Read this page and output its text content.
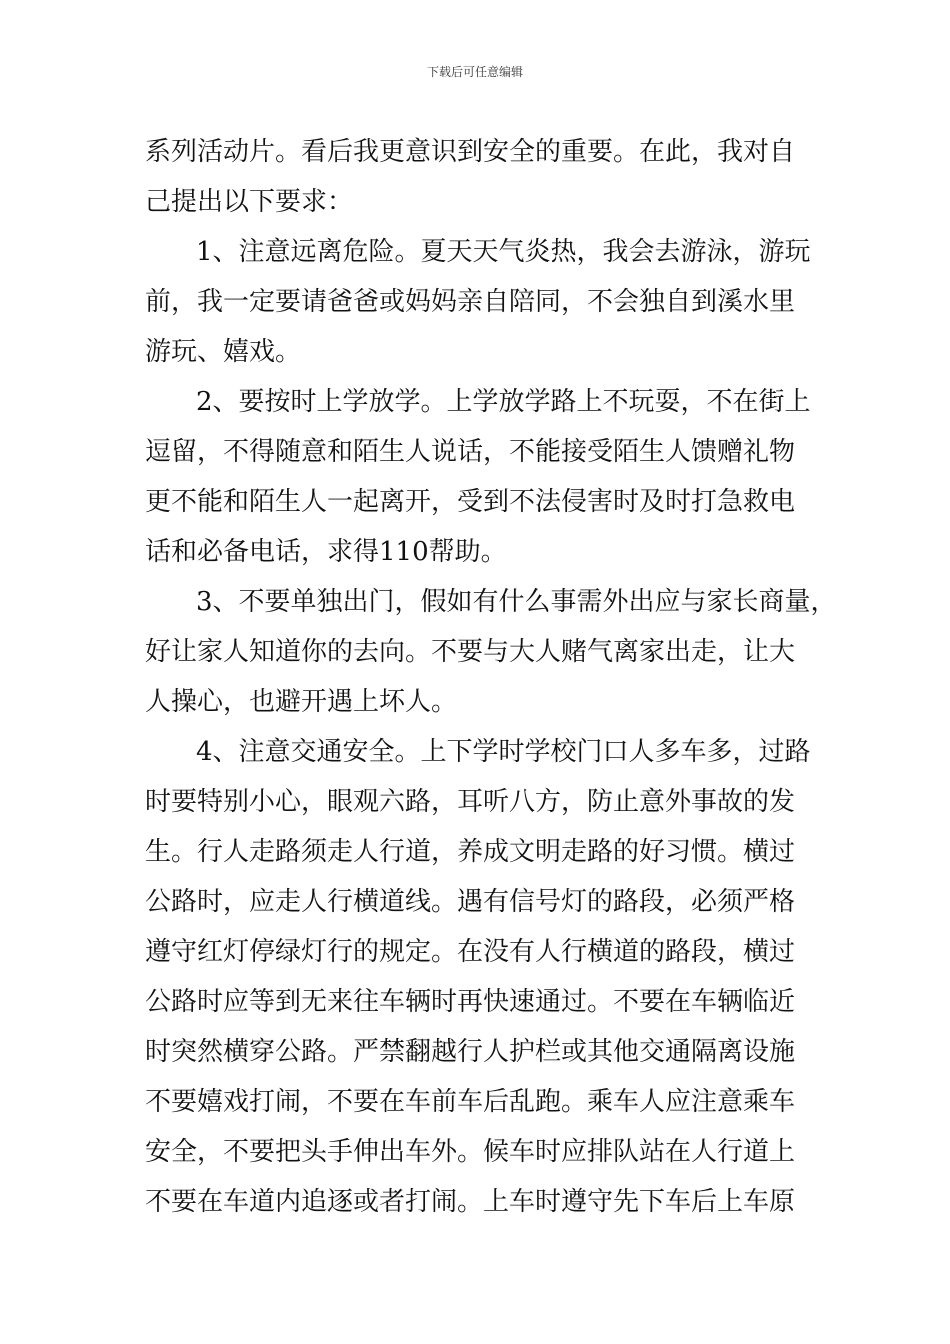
下载后可任意编辑
系列活动片。看后我更意识到安全的重要。在此，我对自
己提出以下要求：
1、注意远离危险。夏天天气炎热，我会去游泳，游玩
前，我一定要请爸爸或妈妈亲自陪同，不会独自到溪水里
游玩、嬉戏。
2、要按时上学放学。上学放学路上不玩耍，不在街上
逗留，不得随意和陌生人说话，不能接受陌生人馈赠礼物
更不能和陌生人一起离开，受到不法侵害时及时打急救电
话和必备电话，求得110帮助。
3、不要单独出门，假如有什么事需外出应与家长商量，
好让家人知道你的去向。不要与大人赌气离家出走，让大
人操心，也避开遇上坏人。
4、注意交通安全。上下学时学校门口人多车多，过路
时要特别小心，眼观六路，耳听八方，防止意外事故的发
生。行人走路须走人行道，养成文明走路的好习惯。横过
公路时，应走人行横道线。遇有信号灯的路段，必须严格
遵守红灯停绿灯行的规定。在没有人行横道的路段，横过
公路时应等到无来往车辆时再快速通过。不要在车辆临近
时突然横穿公路。严禁翻越行人护栏或其他交通隔离设施
不要嬉戏打闹，不要在车前车后乱跑。乘车人应注意乘车
安全，不要把头手伸出车外。候车时应排队站在人行道上
不要在车道内追逐或者打闹。上车时遵守先下车后上车原
